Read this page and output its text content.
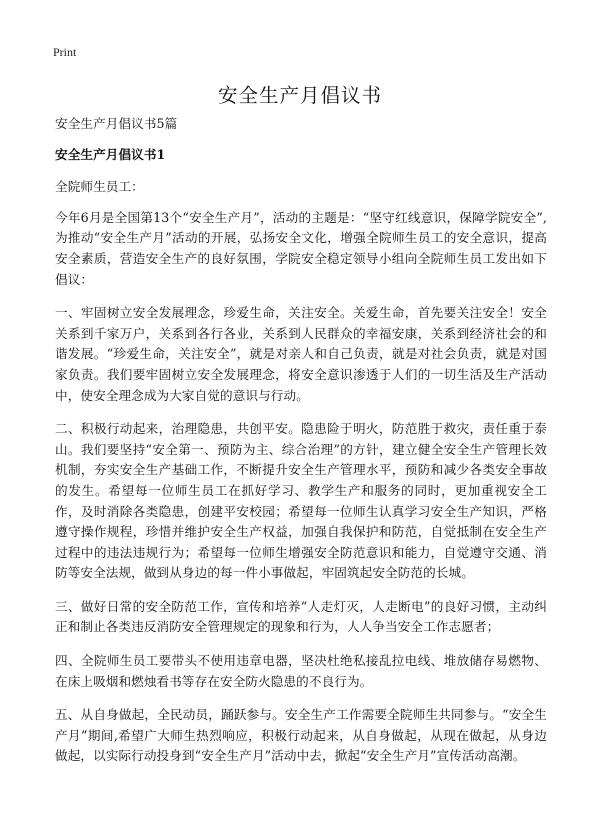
Print
安全生产月倡议书

安全生产月倡议书5篇

安全生产月倡议书1

全院师生员工：

今年6月是全国第13个“安全生产月”，活动的主题是：“坚守红线意识，保障学院安全”,为推动“安全生产月”活动的开展，弘扬安全文化，增强全院师生员工的安全意识，提高安全素质，营造安全生产的良好氛围，学院安全稳定领导小组向全院师生员工发出如下倡议：

一、牢固树立安全发展理念，珍爱生命，关注安全。关爱生命，首先要关注安全！安全关系到千家万户，关系到各行各业，关系到人民群众的幸福安康，关系到经济社会的和谐发展。“珍爱生命，关注安全”，就是对亲人和自己负责，就是对社会负责，就是对国家负责。我们要牢固树立安全发展理念，将安全意识渗透于人们的一切生活及生产活动中，使安全理念成为大家自觉的意识与行动。

二、积极行动起来，治理隐患，共创平安。隐患险于明火，防范胜于救灾，责任重于泰山。我们要坚持“安全第一、预防为主、综合治理”的方针，建立健全安全生产管理长效机制，夯实安全生产基础工作，不断提升安全生产管理水平，预防和减少各类安全事故的发生。希望每一位师生员工在抓好学习、教学生产和服务的同时，更加重视安全工作，及时消除各类隐患，创建平安校园；希望每一位师生认真学习安全生产知识，严格遵守操作规程，珍惜并维护安全生产权益，加强自我保护和防范，自觉抵制在安全生产过程中的违法违规行为；希望每一位师生增强安全防范意识和能力，自觉遵守交通、消防等安全法规，做到从身边的每一件小事做起，牢固筑起安全防范的长城。

三、做好日常的安全防范工作，宣传和培养“人走灯灭，人走断电”的良好习惯，主动纠正和制止各类违反消防安全管理规定的现象和行为，人人争当安全工作志愿者；

四、全院师生员工要带头不使用违章电器，坚决杜绝私接乱拉电线、堆放储存易燃物、在床上吸烟和燃烛看书等存在安全防火隐患的不良行为。

五、从自身做起，全民动员，踊跃参与。安全生产工作需要全院师生共同参与。“安全生产月”期间,希望广大师生热烈响应，积极行动起来，从自身做起，从现在做起，从身边做起，以实际行动投身到“安全生产月”活动中去，掀起“安全生产月”宣传活动高潮。
